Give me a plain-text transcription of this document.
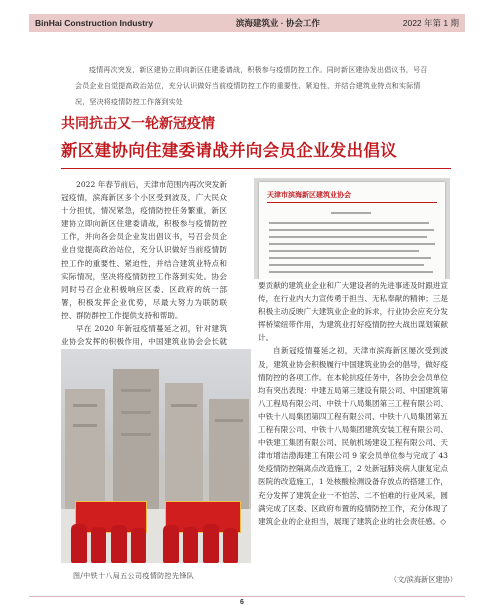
BinHai Construction Industry	滨海建筑业 · 协会工作	2022 年第 1 期
疫情再次突发，新区建协立即向新区住建委请战，积极参与疫情防控工作。同时新区建协发出倡议书，号召会员企业自觉提高政治站位，充分认识做好当前疫情防控工作的重要性、紧迫性，并结合建筑业特点和实际情况，坚决将疫情防控工作落到实处
共同抗击又一轮新冠疫情
新区建协向住建委请战并向会员企业发出倡议

2022 年春节前后，天津市范围内再次突发新冠疫情，滨海新区多个小区受到波及，广大民众十分担忧，情况紧急，疫情防控任务繁重，新区建协立即向新区住建委请战，积极参与疫情防控工作，并向各会员企业发出倡议书，号召会员企业自觉提高政治站位，充分认识做好当前疫情防控工作的重要性、紧迫性，并结合建筑业特点和实际情况，坚决将疫情防控工作落到实处。协会同时号召企业积极响应区委、区政府的统一部署，积极发挥企业优势，尽最大努力为联防联控、群防群控工作提供支持和帮助。

早在 2020 年新冠疫情蔓延之初，针对建筑业协会发挥的积极作用，中国建筑业协会会长就

天津市滨海新区建筑业协会

要贡献的建筑业企业和广大建设者的先进事迹及时跟进宣传，在行业内大力宣传勇于担当、无私奉献的精神；三是积极主动反映广大建筑业企业的诉求，行业协会应充分发挥桥梁纽带作用，为建筑业打好疫情防控大战出谋划策献计。

自新冠疫情蔓延之初，天津市滨海新区屡次受到波及，建筑业协会积极履行中国建筑业协会的倡导，做好疫情防控的各项工作。在本轮抗疫任务中，各协会会员单位均有突出表现：中建五局第三建设有限公司、中国建筑第八工程局有限公司、中铁十八局集团第三工程有限公司、中铁十八局集团第四工程有限公司、中铁十八局集团第五工程有限公司、中铁十八局集团建筑安装工程有限公司、中铁建工集团有限公司、民航机场建设工程有限公司、天津市增洁渤海建工有限公司 9 家会员单位参与完成了 43 处疫情防控隔离点改造施工，2 处新冠肺炎病人康复定点医院的改造施工，1 处核酸检测设备存放点的搭建工作，充分发挥了建筑企业一不怕苦、二不怕难的行业风采，圆满完成了区委、区政府布置的疫情防控工作，充分体现了建筑企业的企业担当，展现了建筑企业的社会责任感。◇

图/中铁十八局五公司疫情防控先锋队	（文/滨海新区建协）
6
